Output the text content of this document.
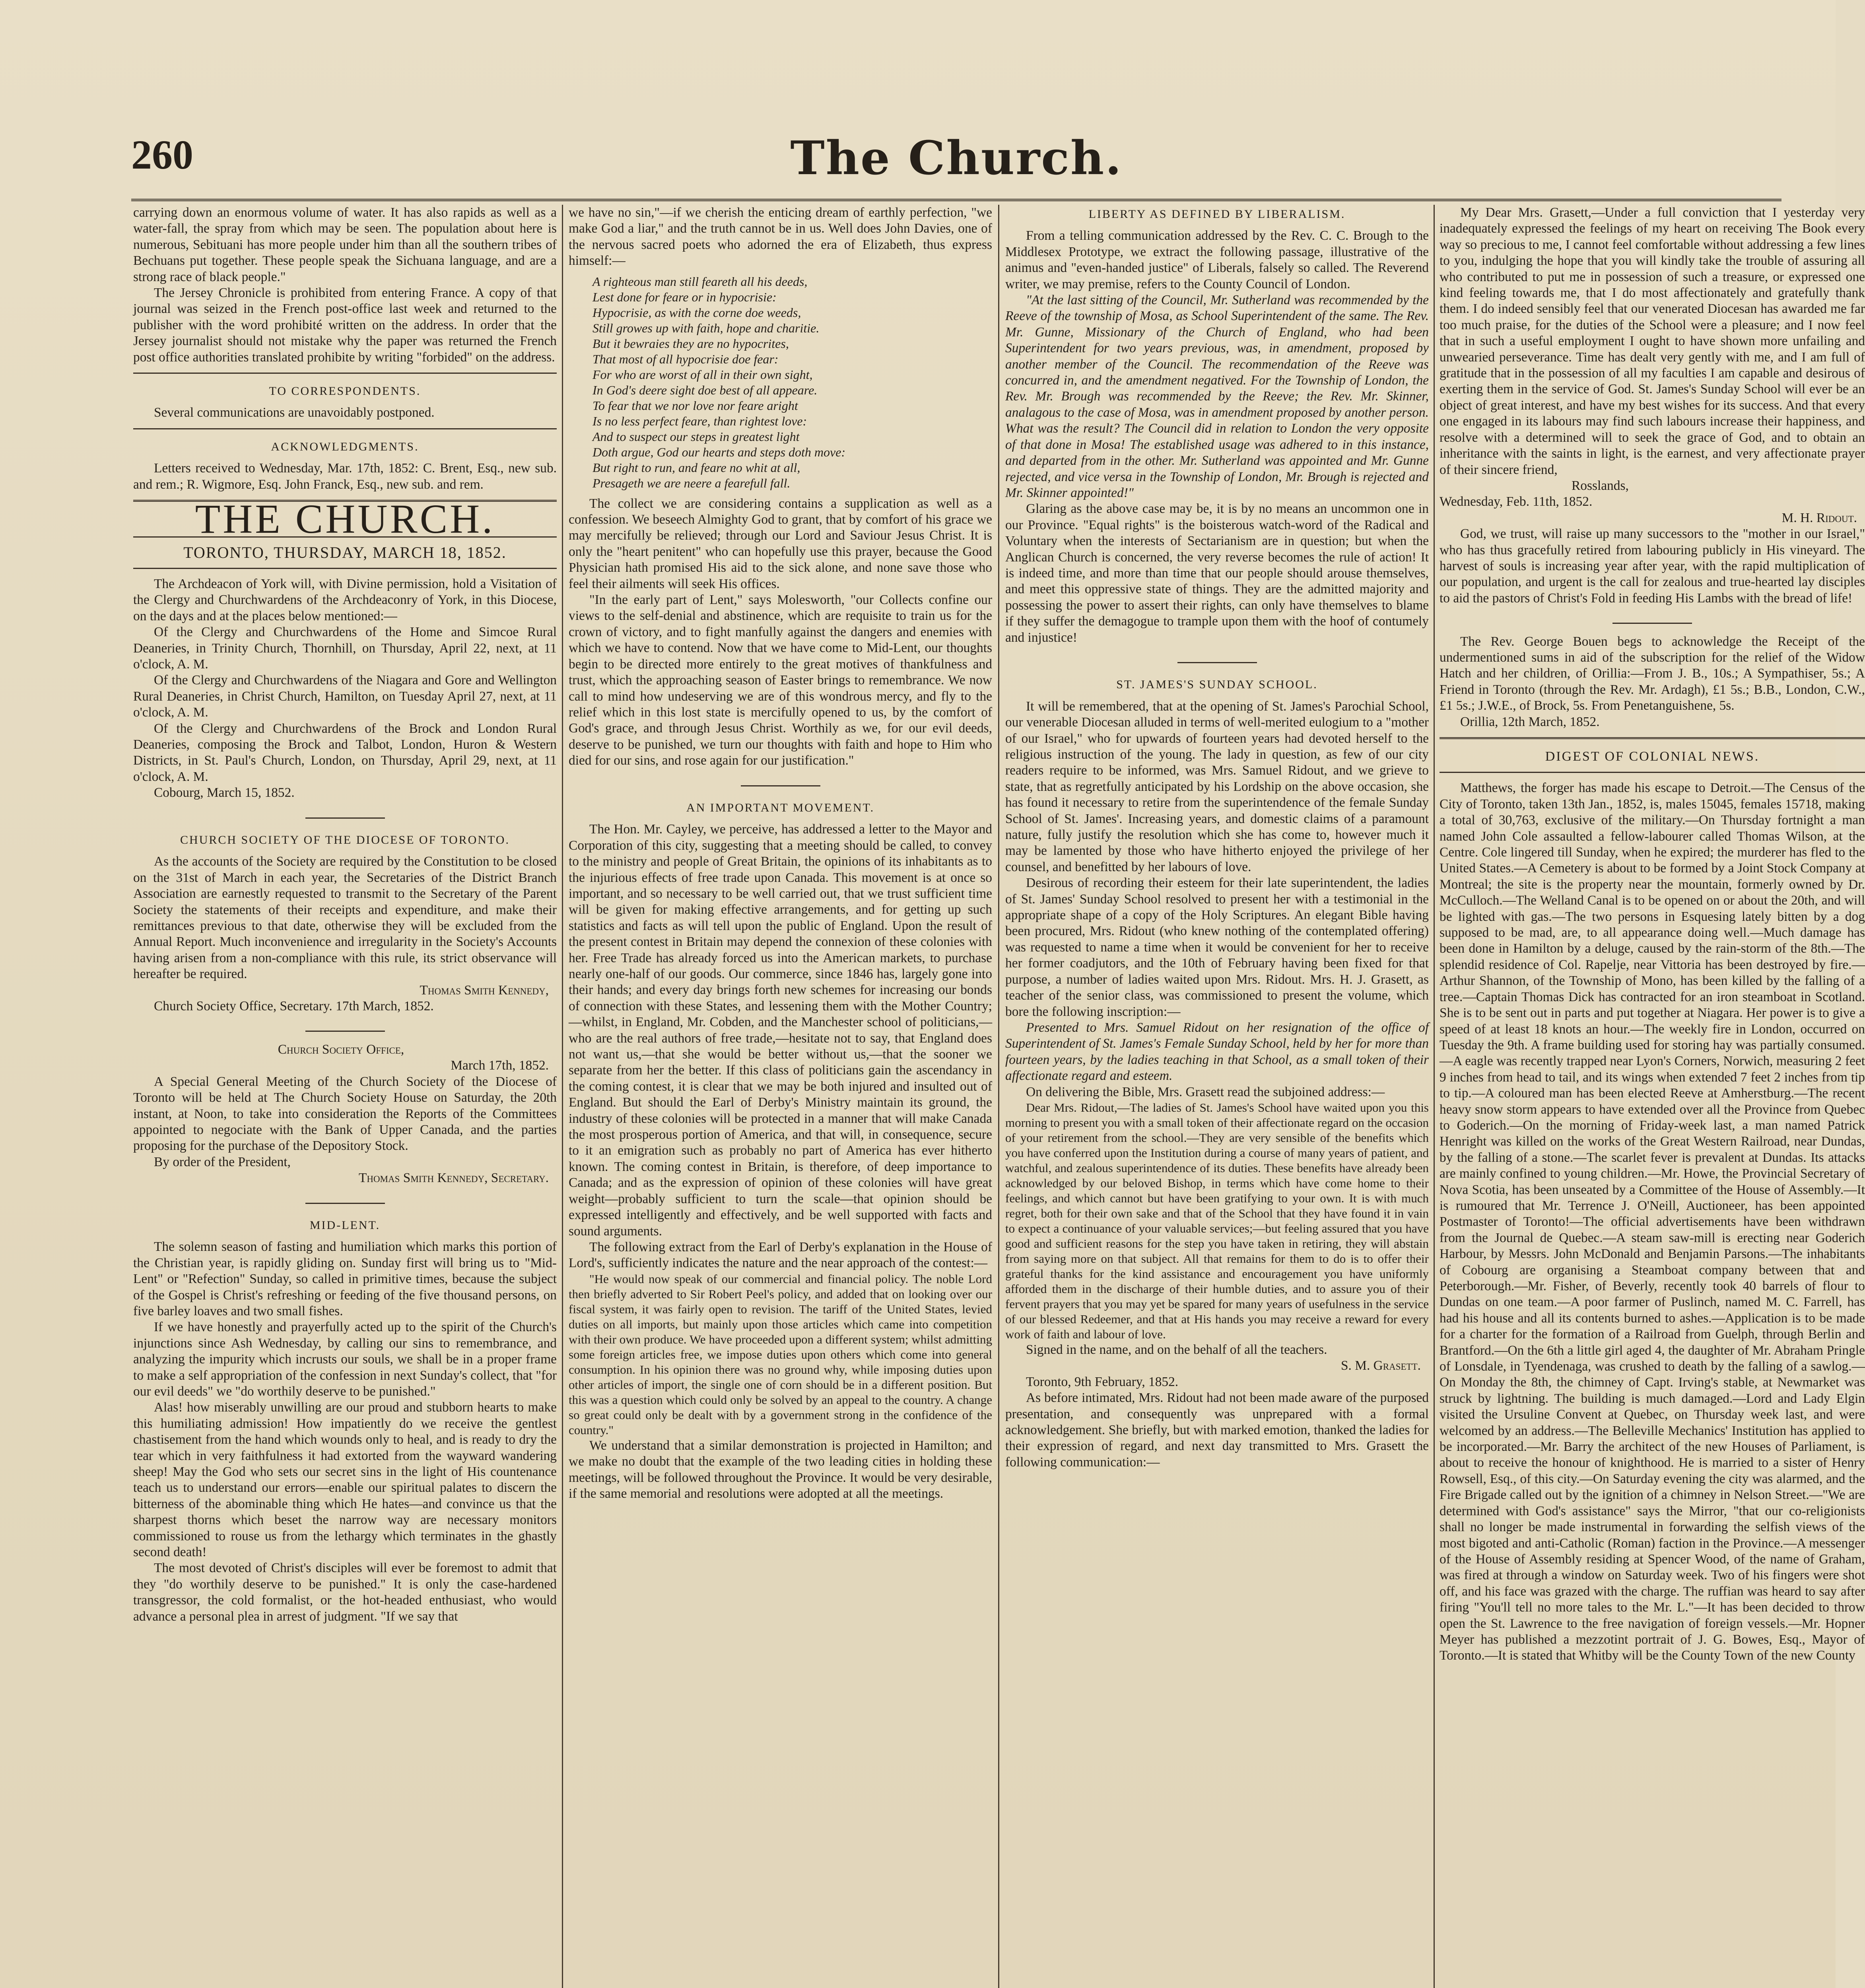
260	The Church.

carrying down an enormous volume of water. It has also rapids as well as a water-fall, the spray from which may be seen. The population about here is numerous, Sebituani has more people under him than all the southern tribes of Bechuans put together. These people speak the Sichuana language, and are a strong race of black people."

The Jersey Chronicle is prohibited from entering France. A copy of that journal was seized in the French post-office last week and returned to the publisher with the word prohibité written on the address. In order that the Jersey journalist should not mistake why the paper was returned the French post office authorities translated prohibite by writing "forbided" on the address.

TO CORRESPONDENTS.

Several communications are unavoidably postponed.

ACKNOWLEDGMENTS.

Letters received to Wednesday, Mar. 17th, 1852: C. Brent, Esq., new sub. and rem.; R. Wigmore, Esq. John Franck, Esq., new sub. and rem.

THE CHURCH.

TORONTO, THURSDAY, MARCH 18, 1852.

The Archdeacon of York will, with Divine permission, hold a Visitation of the Clergy and Churchwardens of the Archdeaconry of York, in this Diocese, on the days and at the places below mentioned:—

Of the Clergy and Churchwardens of the Home and Simcoe Rural Deaneries, in Trinity Church, Thornhill, on Thursday, April 22, next, at 11 o'clock, A. M.

Of the Clergy and Churchwardens of the Niagara and Gore and Wellington Rural Deaneries, in Christ Church, Hamilton, on Tuesday April 27, next, at 11 o'clock, A. M.

Of the Clergy and Churchwardens of the Brock and London Rural Deaneries, composing the Brock and Talbot, London, Huron & Western Districts, in St. Paul's Church, London, on Thursday, April 29, next, at 11 o'clock, A. M.

Cobourg, March 15, 1852.

CHURCH SOCIETY OF THE DIOCESE OF TORONTO.

As the accounts of the Society are required by the Constitution to be closed on the 31st of March in each year, the Secretaries of the District Branch Association are earnestly requested to transmit to the Secretary of the Parent Society the statements of their receipts and expenditure, and make their remittances previous to that date, otherwise they will be excluded from the Annual Report. Much inconvenience and irregularity in the Society's Accounts having arisen from a non-compliance with this rule, its strict observance will hereafter be required.

Thomas Smith Kennedy,

Church Society Office, Secretary. 17th March, 1852.

Church Society Office,

March 17th, 1852.

A Special General Meeting of the Church Society of the Diocese of Toronto will be held at The Church Society House on Saturday, the 20th instant, at Noon, to take into consideration the Reports of the Committees appointed to negociate with the Bank of Upper Canada, and the parties proposing for the purchase of the Depository Stock.

By order of the President,

Thomas Smith Kennedy, Secretary.

MID-LENT.

The solemn season of fasting and humiliation which marks this portion of the Christian year, is rapidly gliding on. Sunday first will bring us to "Mid-Lent" or "Refection" Sunday, so called in primitive times, because the subject of the Gospel is Christ's refreshing or feeding of the five thousand persons, on five barley loaves and two small fishes.

If we have honestly and prayerfully acted up to the spirit of the Church's injunctions since Ash Wednesday, by calling our sins to remembrance, and analyzing the impurity which incrusts our souls, we shall be in a proper frame to make a self appropriation of the confession in next Sunday's collect, that "for our evil deeds" we "do worthily deserve to be punished."

Alas! how miserably unwilling are our proud and stubborn hearts to make this humiliating admission! How impatiently do we receive the gentlest chastisement from the hand which wounds only to heal, and is ready to dry the tear which in very faithfulness it had extorted from the wayward wandering sheep! May the God who sets our secret sins in the light of His countenance teach us to understand our errors—enable our spiritual palates to discern the bitterness of the abominable thing which He hates—and convince us that the sharpest thorns which beset the narrow way are necessary monitors commissioned to rouse us from the lethargy which terminates in the ghastly second death!

The most devoted of Christ's disciples will ever be foremost to admit that they "do worthily deserve to be punished." It is only the case-hardened transgressor, the cold formalist, or the hot-headed enthusiast, who would advance a personal plea in arrest of judgment. "If we say that

we have no sin,"—if we cherish the enticing dream of earthly perfection, "we make God a liar," and the truth cannot be in us. Well does John Davies, one of the nervous sacred poets who adorned the era of Elizabeth, thus express himself:—

A righteous man still feareth all his deeds,

Lest done for feare or in hypocrisie:

Hypocrisie, as with the corne doe weeds,

Still growes up with faith, hope and charitie.

But it bewraies they are no hypocrites,

That most of all hypocrisie doe fear:

For who are worst of all in their own sight,

In God's deere sight doe best of all appeare.

To fear that we nor love nor feare aright

Is no less perfect feare, than rightest love:

And to suspect our steps in greatest light

Doth argue, God our hearts and steps doth move:

But right to run, and feare no whit at all,

Presageth we are neere a fearefull fall.

The collect we are considering contains a supplication as well as a confession. We beseech Almighty God to grant, that by comfort of his grace we may mercifully be relieved; through our Lord and Saviour Jesus Christ. It is only the "heart penitent" who can hopefully use this prayer, because the Good Physician hath promised His aid to the sick alone, and none save those who feel their ailments will seek His offices.

"In the early part of Lent," says Molesworth, "our Collects confine our views to the self-denial and abstinence, which are requisite to train us for the crown of victory, and to fight manfully against the dangers and enemies with which we have to contend. Now that we have come to Mid-Lent, our thoughts begin to be directed more entirely to the great motives of thankfulness and trust, which the approaching season of Easter brings to remembrance. We now call to mind how undeserving we are of this wondrous mercy, and fly to the relief which in this lost state is mercifully opened to us, by the comfort of God's grace, and through Jesus Christ. Worthily as we, for our evil deeds, deserve to be punished, we turn our thoughts with faith and hope to Him who died for our sins, and rose again for our justification."

AN IMPORTANT MOVEMENT.

The Hon. Mr. Cayley, we perceive, has addressed a letter to the Mayor and Corporation of this city, suggesting that a meeting should be called, to convey to the ministry and people of Great Britain, the opinions of its inhabitants as to the injurious effects of free trade upon Canada. This movement is at once so important, and so necessary to be well carried out, that we trust sufficient time will be given for making effective arrangements, and for getting up such statistics and facts as will tell upon the public of England. Upon the result of the present contest in Britain may depend the connexion of these colonies with her. Free Trade has already forced us into the American markets, to purchase nearly one-half of our goods. Our commerce, since 1846 has, largely gone into their hands; and every day brings forth new schemes for increasing our bonds of connection with these States, and lessening them with the Mother Country;—whilst, in England, Mr. Cobden, and the Manchester school of politicians,—who are the real authors of free trade,—hesitate not to say, that England does not want us,—that she would be better without us,—that the sooner we separate from her the better. If this class of politicians gain the ascendancy in the coming contest, it is clear that we may be both injured and insulted out of England. But should the Earl of Derby's Ministry maintain its ground, the industry of these colonies will be protected in a manner that will make Canada the most prosperous portion of America, and that will, in consequence, secure to it an emigration such as probably no part of America has ever hitherto known. The coming contest in Britain, is therefore, of deep importance to Canada; and as the expression of opinion of these colonies will have great weight—probably sufficient to turn the scale—that opinion should be expressed intelligently and effectively, and be well supported with facts and sound arguments.

The following extract from the Earl of Derby's explanation in the House of Lord's, sufficiently indicates the nature and the near approach of the contest:—

"He would now speak of our commercial and financial policy. The noble Lord then briefly adverted to Sir Robert Peel's policy, and added that on looking over our fiscal system, it was fairly open to revision. The tariff of the United States, levied duties on all imports, but mainly upon those articles which came into competition with their own produce. We have proceeded upon a different system; whilst admitting some foreign articles free, we impose duties upon others which come into general consumption. In his opinion there was no ground why, while imposing duties upon other articles of import, the single one of corn should be in a different position. But this was a question which could only be solved by an appeal to the country. A change so great could only be dealt with by a government strong in the confidence of the country."

We understand that a similar demonstration is projected in Hamilton; and we make no doubt that the example of the two leading cities in holding these meetings, will be followed throughout the Province. It would be very desirable, if the same memorial and resolutions were adopted at all the meetings.

LIBERTY AS DEFINED BY LIBERALISM.

From a telling communication addressed by the Rev. C. C. Brough to the Middlesex Prototype, we extract the following passage, illustrative of the animus and "even-handed justice" of Liberals, falsely so called. The Reverend writer, we may premise, refers to the County Council of London.

"At the last sitting of the Council, Mr. Sutherland was recommended by the Reeve of the township of Mosa, as School Superintendent of the same. The Rev. Mr. Gunne, Missionary of the Church of England, who had been Superintendent for two years previous, was, in amendment, proposed by another member of the Council. The recommendation of the Reeve was concurred in, and the amendment negatived. For the Township of London, the Rev. Mr. Brough was recommended by the Reeve; the Rev. Mr. Skinner, analagous to the case of Mosa, was in amendment proposed by another person. What was the result? The Council did in relation to London the very opposite of that done in Mosa! The established usage was adhered to in this instance, and departed from in the other. Mr. Sutherland was appointed and Mr. Gunne rejected, and vice versa in the Township of London, Mr. Brough is rejected and Mr. Skinner appointed!"

Glaring as the above case may be, it is by no means an uncommon one in our Province. "Equal rights" is the boisterous watch-word of the Radical and Voluntary when the interests of Sectarianism are in question; but when the Anglican Church is concerned, the very reverse becomes the rule of action! It is indeed time, and more than time that our people should arouse themselves, and meet this oppressive state of things. They are the admitted majority and possessing the power to assert their rights, can only have themselves to blame if they suffer the demagogue to trample upon them with the hoof of contumely and injustice!

ST. JAMES'S SUNDAY SCHOOL.

It will be remembered, that at the opening of St. James's Parochial School, our venerable Diocesan alluded in terms of well-merited eulogium to a "mother of our Israel," who for upwards of fourteen years had devoted herself to the religious instruction of the young. The lady in question, as few of our city readers require to be informed, was Mrs. Samuel Ridout, and we grieve to state, that as regretfully anticipated by his Lordship on the above occasion, she has found it necessary to retire from the superintendence of the female Sunday School of St. James'. Increasing years, and domestic claims of a paramount nature, fully justify the resolution which she has come to, however much it may be lamented by those who have hitherto enjoyed the privilege of her counsel, and benefitted by her labours of love.

Desirous of recording their esteem for their late superintendent, the ladies of St. James' Sunday School resolved to present her with a testimonial in the appropriate shape of a copy of the Holy Scriptures. An elegant Bible having been procured, Mrs. Ridout (who knew nothing of the contemplated offering) was requested to name a time when it would be convenient for her to receive her former coadjutors, and the 10th of February having been fixed for that purpose, a number of ladies waited upon Mrs. Ridout. Mrs. H. J. Grasett, as teacher of the senior class, was commissioned to present the volume, which bore the following inscription:—

Presented to Mrs. Samuel Ridout on her resignation of the office of Superintendent of St. James's Female Sunday School, held by her for more than fourteen years, by the ladies teaching in that School, as a small token of their affectionate regard and esteem.

On delivering the Bible, Mrs. Grasett read the subjoined address:—

Dear Mrs. Ridout,—The ladies of St. James's School have waited upon you this morning to present you with a small token of their affectionate regard on the occasion of your retirement from the school.—They are very sensible of the benefits which you have conferred upon the Institution during a course of many years of patient, and watchful, and zealous superintendence of its duties. These benefits have already been acknowledged by our beloved Bishop, in terms which have come home to their feelings, and which cannot but have been gratifying to your own. It is with much regret, both for their own sake and that of the School that they have found it in vain to expect a continuance of your valuable services;—but feeling assured that you have good and sufficient reasons for the step you have taken in retiring, they will abstain from saying more on that subject. All that remains for them to do is to offer their grateful thanks for the kind assistance and encouragement you have uniformly afforded them in the discharge of their humble duties, and to assure you of their fervent prayers that you may yet be spared for many years of usefulness in the service of our blessed Redeemer, and that at His hands you may receive a reward for every work of faith and labour of love.

Signed in the name, and on the behalf of all the teachers.

S. M. Grasett.

Toronto, 9th February, 1852.

As before intimated, Mrs. Ridout had not been made aware of the purposed presentation, and consequently was unprepared with a formal acknowledgement. She briefly, but with marked emotion, thanked the ladies for their expression of regard, and next day transmitted to Mrs. Grasett the following communication:—

My Dear Mrs. Grasett,—Under a full conviction that I yesterday very inadequately expressed the feelings of my heart on receiving The Book every way so precious to me, I cannot feel comfortable without addressing a few lines to you, indulging the hope that you will kindly take the trouble of assuring all who contributed to put me in possession of such a treasure, or expressed one kind feeling towards me, that I do most affectionately and gratefully thank them. I do indeed sensibly feel that our venerated Diocesan has awarded me far too much praise, for the duties of the School were a pleasure; and I now feel that in such a useful employment I ought to have shown more unfailing and unwearied perseverance. Time has dealt very gently with me, and I am full of gratitude that in the possession of all my faculties I am capable and desirous of exerting them in the service of God. St. James's Sunday School will ever be an object of great interest, and have my best wishes for its success. And that every one engaged in its labours may find such labours increase their happiness, and resolve with a determined will to seek the grace of God, and to obtain an inheritance with the saints in light, is the earnest, and very affectionate prayer of their sincere friend,

Rosslands,

Wednesday, Feb. 11th, 1852.

M. H. Ridout.

God, we trust, will raise up many successors to the "mother in our Israel," who has thus gracefully retired from labouring publicly in His vineyard. The harvest of souls is increasing year after year, with the rapid multiplication of our population, and urgent is the call for zealous and true-hearted lay disciples to aid the pastors of Christ's Fold in feeding His Lambs with the bread of life!

The Rev. George Bouen begs to acknowledge the Receipt of the undermentioned sums in aid of the subscription for the relief of the Widow Hatch and her children, of Orillia:—From J. B., 10s.; A Sympathiser, 5s.; A Friend in Toronto (through the Rev. Mr. Ardagh), £1 5s.; B.B., London, C.W., £1 5s.; J.W.E., of Brock, 5s. From Penetanguishene, 5s.

Orillia, 12th March, 1852.

DIGEST OF COLONIAL NEWS.

Matthews, the forger has made his escape to Detroit.—The Census of the City of Toronto, taken 13th Jan., 1852, is, males 15045, females 15718, making a total of 30,763, exclusive of the military.—On Thursday fortnight a man named John Cole assaulted a fellow-labourer called Thomas Wilson, at the Centre. Cole lingered till Sunday, when he expired; the murderer has fled to the United States.—A Cemetery is about to be formed by a Joint Stock Company at Montreal; the site is the property near the mountain, formerly owned by Dr. McCulloch.—The Welland Canal is to be opened on or about the 20th, and will be lighted with gas.—The two persons in Esquesing lately bitten by a dog supposed to be mad, are, to all appearance doing well.—Much damage has been done in Hamilton by a deluge, caused by the rain-storm of the 8th.—The splendid residence of Col. Rapelje, near Vittoria has been destroyed by fire.—Arthur Shannon, of the Township of Mono, has been killed by the falling of a tree.—Captain Thomas Dick has contracted for an iron steamboat in Scotland. She is to be sent out in parts and put together at Niagara. Her power is to give a speed of at least 18 knots an hour.—The weekly fire in London, occurred on Tuesday the 9th. A frame building used for storing hay was partially consumed.—A eagle was recently trapped near Lyon's Corners, Norwich, measuring 2 feet 9 inches from head to tail, and its wings when extended 7 feet 2 inches from tip to tip.—A coloured man has been elected Reeve at Amherstburg.—The recent heavy snow storm appears to have extended over all the Province from Quebec to Goderich.—On the morning of Friday-week last, a man named Patrick Henright was killed on the works of the Great Western Railroad, near Dundas, by the falling of a stone.—The scarlet fever is prevalent at Dundas. Its attacks are mainly confined to young children.—Mr. Howe, the Provincial Secretary of Nova Scotia, has been unseated by a Committee of the House of Assembly.—It is rumoured that Mr. Terrence J. O'Neill, Auctioneer, has been appointed Postmaster of Toronto!—The official advertisements have been withdrawn from the Journal de Quebec.—A steam saw-mill is erecting near Goderich Harbour, by Messrs. John McDonald and Benjamin Parsons.—The inhabitants of Cobourg are organising a Steamboat company between that and Peterborough.—Mr. Fisher, of Beverly, recently took 40 barrels of flour to Dundas on one team.—A poor farmer of Puslinch, named M. C. Farrell, has had his house and all its contents burned to ashes.—Application is to be made for a charter for the formation of a Railroad from Guelph, through Berlin and Brantford.—On the 6th a little girl aged 4, the daughter of Mr. Abraham Pringle of Lonsdale, in Tyendenaga, was crushed to death by the falling of a sawlog.—On Monday the 8th, the chimney of Capt. Irving's stable, at Newmarket was struck by lightning. The building is much damaged.—Lord and Lady Elgin visited the Ursuline Convent at Quebec, on Thursday week last, and were welcomed by an address.—The Belleville Mechanics' Institution has applied to be incorporated.—Mr. Barry the architect of the new Houses of Parliament, is about to receive the honour of knighthood. He is married to a sister of Henry Rowsell, Esq., of this city.—On Saturday evening the city was alarmed, and the Fire Brigade called out by the ignition of a chimney in Nelson Street.—"We are determined with God's assistance" says the Mirror, "that our co-religionists shall no longer be made instrumental in forwarding the selfish views of the most bigoted and anti-Catholic (Roman) faction in the Province.—A messenger of the House of Assembly residing at Spencer Wood, of the name of Graham, was fired at through a window on Saturday week. Two of his fingers were shot off, and his face was grazed with the charge. The ruffian was heard to say after firing "You'll tell no more tales to the Mr. L."—It has been decided to throw open the St. Lawrence to the free navigation of foreign vessels.—Mr. Hopner Meyer has published a mezzotint portrait of J. G. Bowes, Esq., Mayor of Toronto.—It is stated that Whitby will be the County Town of the new County
